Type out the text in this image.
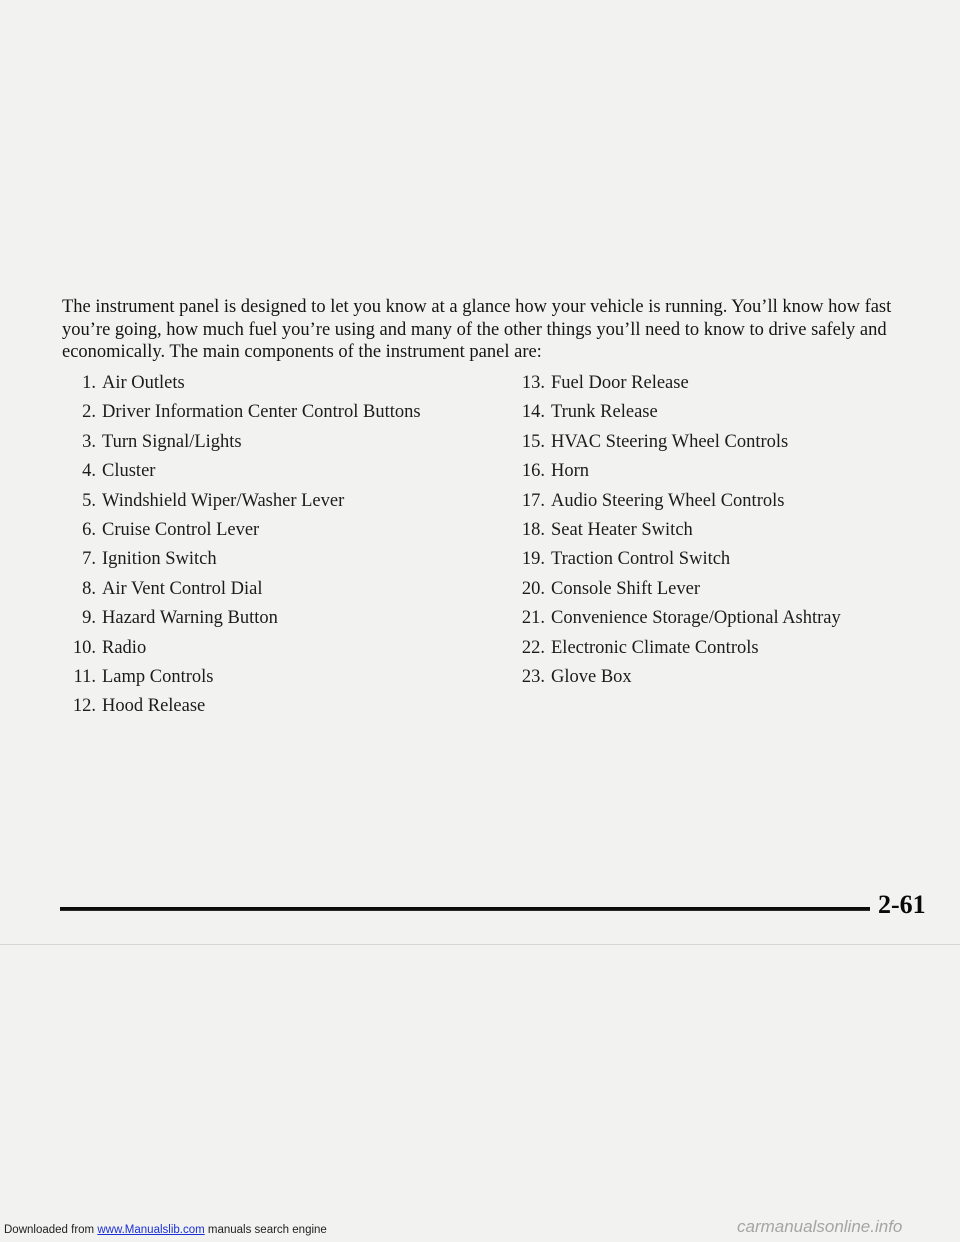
The instrument panel is designed to let you know at a glance how your vehicle is running. You’ll know how fast you’re going, how much fuel you’re using and many of the other things you’ll need to know to drive safely and economically. The main components of the instrument panel are:

1. Air Outlets
2. Driver Information Center Control Buttons
3. Turn Signal/Lights
4. Cluster
5. Windshield Wiper/Washer Lever
6. Cruise Control Lever
7. Ignition Switch
8. Air Vent Control Dial
9. Hazard Warning Button
10. Radio
11. Lamp Controls
12. Hood Release
13. Fuel Door Release
14. Trunk Release
15. HVAC Steering Wheel Controls
16. Horn
17. Audio Steering Wheel Controls
18. Seat Heater Switch
19. Traction Control Switch
20. Console Shift Lever
21. Convenience Storage/Optional Ashtray
22. Electronic Climate Controls
23. Glove Box
2-61
Downloaded from www.Manualslib.com manuals search engine	carmanualsonline.info
